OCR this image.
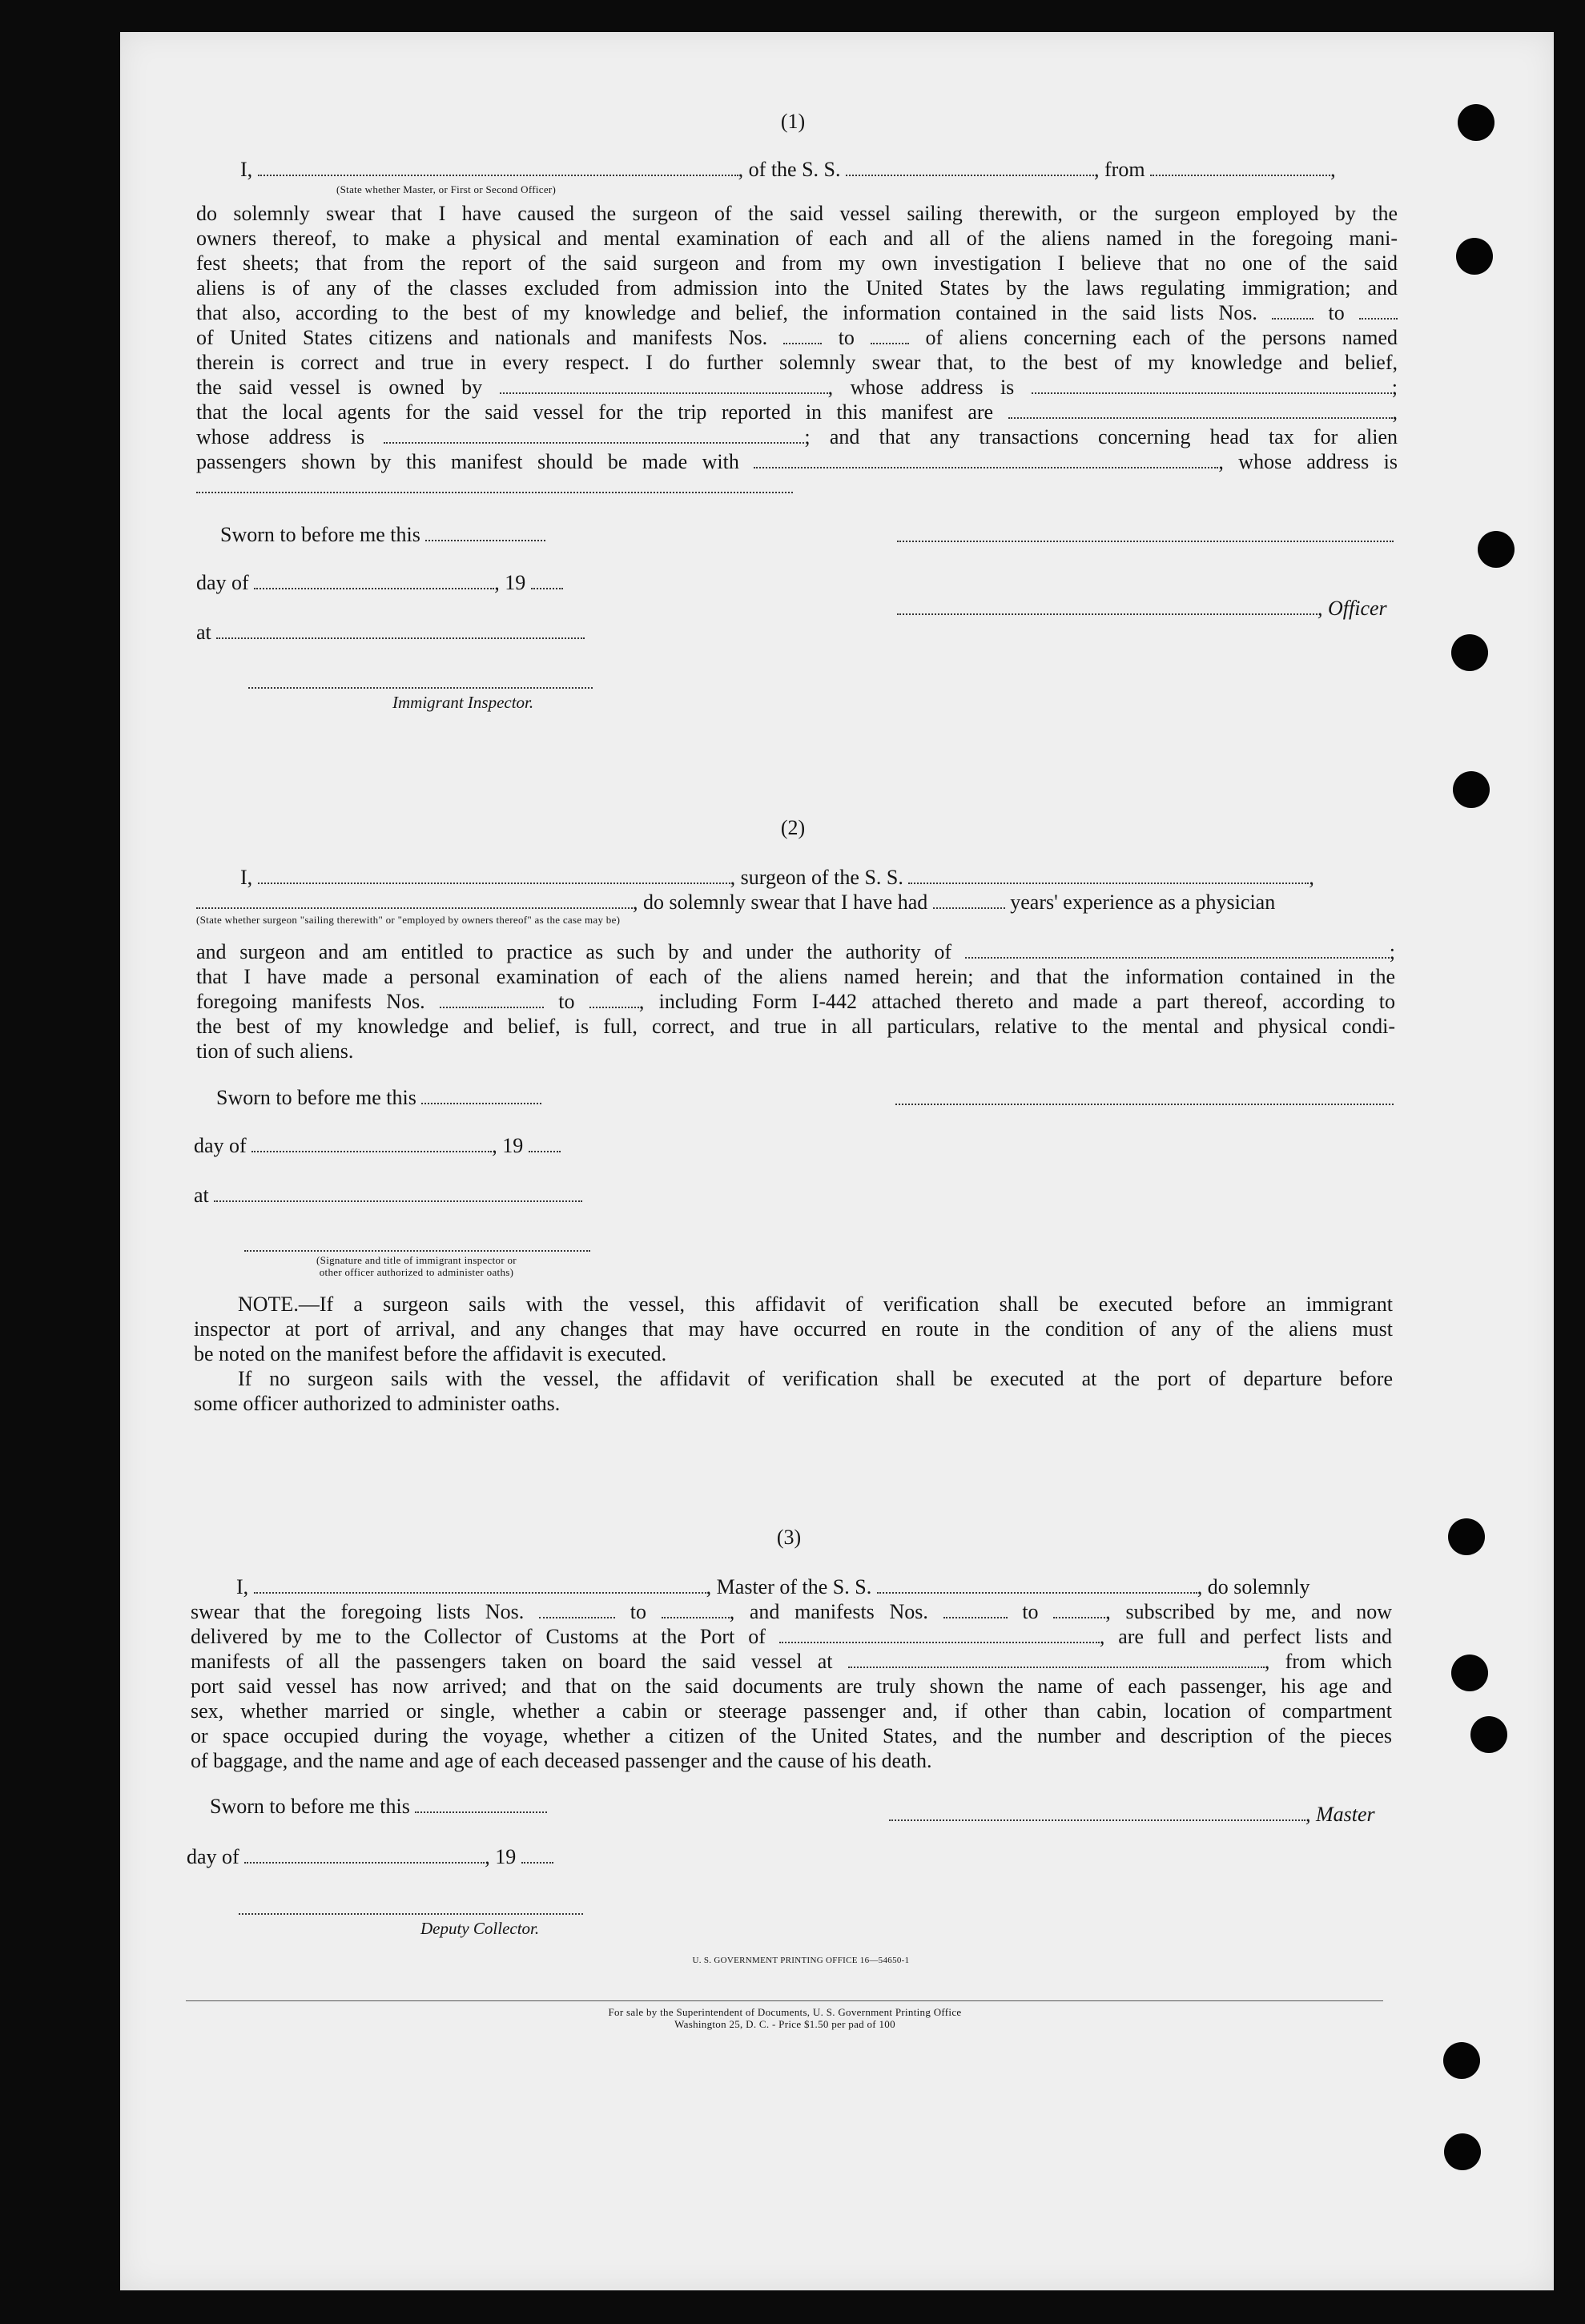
(1)
I,	, of the S. S.	, from	,
(State whether Master, or First or Second Officer)

do solemnly swear that I have caused the surgeon of the said vessel sailing therewith, or the surgeon employed by the

owners thereof, to make a physical and mental examination of each and all of the aliens named in the foregoing mani-

fest sheets; that from the report of the said surgeon and from my own investigation I believe that no one of the said

aliens is of any of the classes excluded from admission into the United States by the laws regulating immigration; and

that also, according to the best of my knowledge and belief, the information contained in the said lists Nos.	to

of United States citizens and nationals and manifests Nos.	to	of aliens concerning each of the persons named

therein is correct and true in every respect. I do further solemnly swear that, to the best of my knowledge and belief,

the said vessel is owned by	, whose address is	;

that the local agents for the said vessel for the trip reported in this manifest are	,

whose address is	; and that any transactions concerning head tax for alien

passengers shown by this manifest should be made with	, whose address is

Sworn to before me this
day of	, 19
, Officer
at
Immigrant Inspector.
(2)
I,	, surgeon of the S. S.	,
, do solemnly swear that I have had	years' experience as a physician
(State whether surgeon "sailing therewith" or "employed by owners thereof" as the case may be)

and surgeon and am entitled to practice as such by and under the authority of	;

that I have made a personal examination of each of the aliens named herein; and that the information contained in the

foregoing manifests Nos.	to	, including Form I-442 attached thereto and made a part thereof, according to

the best of my knowledge and belief, is full, correct, and true in all particulars, relative to the mental and physical condi-

tion of such aliens.

Sworn to before me this
day of	, 19
at
(Signature and title of immigrant inspector or
other officer authorized to administer oaths)

NOTE.—If a surgeon sails with the vessel, this affidavit of verification shall be executed before an immigrant

inspector at port of arrival, and any changes that may have occurred en route in the condition of any of the aliens must

be noted on the manifest before the affidavit is executed.

If no surgeon sails with the vessel, the affidavit of verification shall be executed at the port of departure before

some officer authorized to administer oaths.

(3)
I,	, Master of the S. S.	, do solemnly

swear that the foregoing lists Nos.	to	, and manifests Nos.	to	, subscribed by me, and now

delivered by me to the Collector of Customs at the Port of	, are full and perfect lists and

manifests of all the passengers taken on board the said vessel at	, from which

port said vessel has now arrived; and that on the said documents are truly shown the name of each passenger, his age and

sex, whether married or single, whether a cabin or steerage passenger and, if other than cabin, location of compartment

or space occupied during the voyage, whether a citizen of the United States, and the number and description of the pieces

of baggage, and the name and age of each deceased passenger and the cause of his death.

Sworn to before me this	, Master
day of	, 19
Deputy Collector.
U. S. GOVERNMENT PRINTING OFFICE 16—54650-1
For sale by the Superintendent of Documents, U. S. Government Printing Office
Washington 25, D. C. - Price $1.50 per pad of 100
